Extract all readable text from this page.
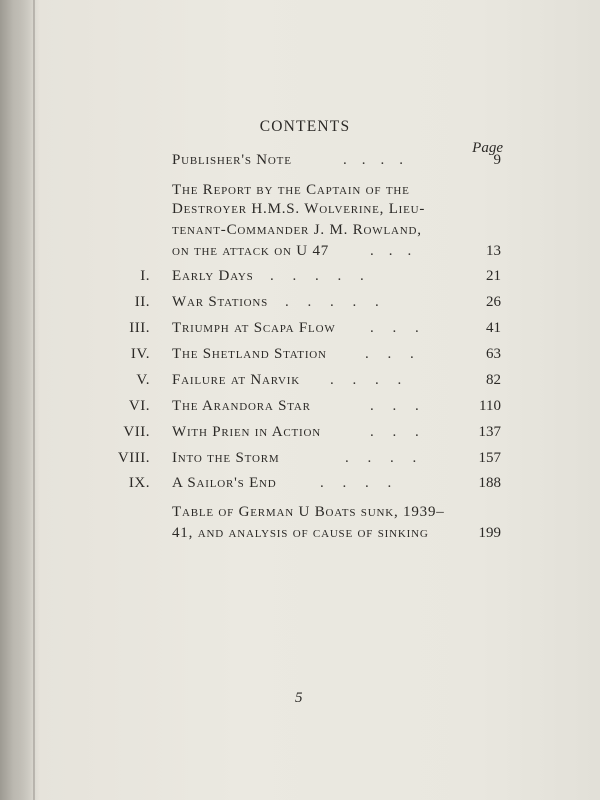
CONTENTS
Page
Publisher's Note	.    .    .    .	9
The Report by the Captain of the
Destroyer H.M.S. Wolverine, Lieu-
tenant-Commander J. M. Rowland,
on the attack on U 47	.    .    .	13
I. Early Days .     .     .     .     .	21
II. War Stations .     .     .     .     .	26
III. Triumph at Scapa Flow .     .     .	41
IV. The Shetland Station	.     .     .	63
V. Failure at Narvik .     .     .     .	82
VI. The Arandora Star	.     .     .	110
VII. With Prien in Action	.     .     .	137
VIII. Into the Storm	.     .     .     .	157
IX. A Sailor's End	.     .     .     .	188
Table of German U Boats sunk, 1939–
41, and analysis of cause of sinking	199
5
